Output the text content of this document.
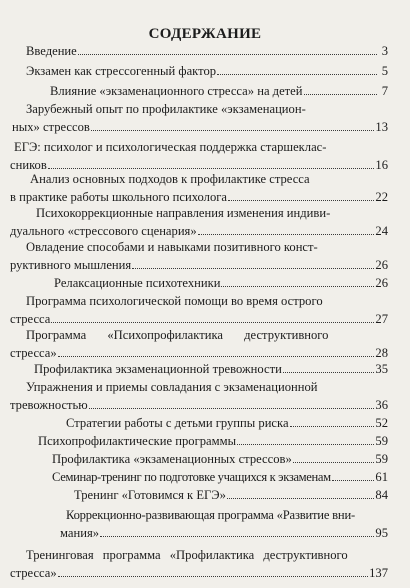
СОДЕРЖАНИЕ
Введение	3
Экзамен как стрессогенный фактор	5
Влияние «экзаменационного стресса» на детей	7
Зарубежный опыт по профилактике «экзаменацион-
ных» стрессов	13
ЕГЭ: психолог и психологическая поддержка старшеклас-
сников	16
Анализ основных подходов к профилактике стресса
в практике работы школьного психолога	22
Психокоррекционные направления изменения индиви-
дуального «стрессового сценария»	24
Овладение способами и навыками позитивного конст-
руктивного мышления	26
Релаксационные психотехники	26
Программа психологической помощи во время острого
стресса	27
Программа «Психопрофилактика деструктивного
стресса»	28
Профилактика экзаменационной тревожности	35
Упражнения и приемы совладания с экзаменационной
тревожностью	36
Стратегии работы с детьми группы риска	52
Психопрофилактические программы	59
Профилактика «экзаменационных стрессов»	59
Семинар-тренинг по подготовке учащихся к экзаменам	61
Тренинг «Готовимся к ЕГЭ»	84
Коррекционно-развивающая программа «Развитие вни-
мания»	95
Тренинговая программа «Профилактика деструктивного
стресса»	137
